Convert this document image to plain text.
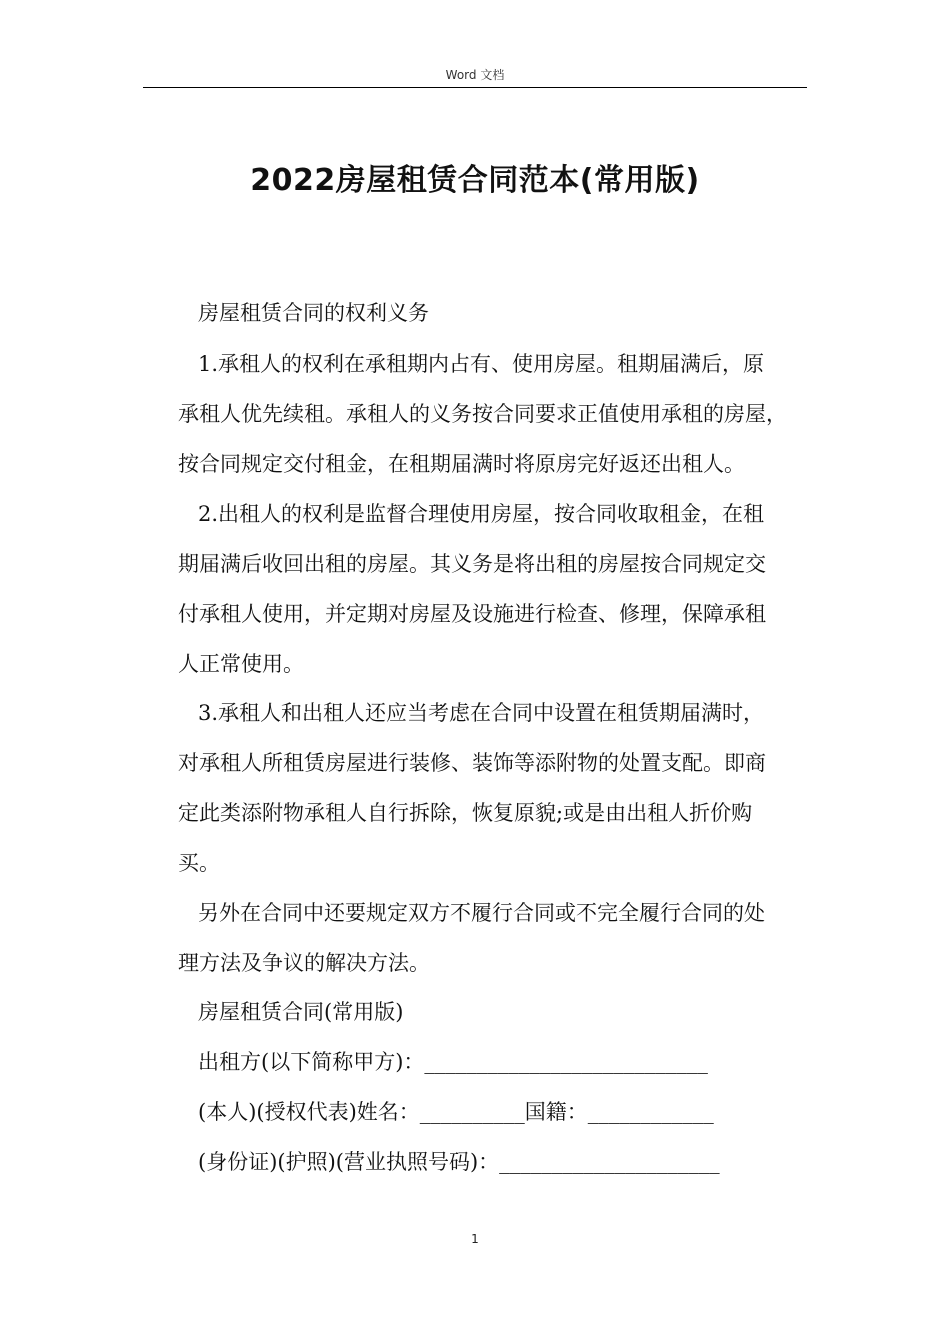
Word 文档
2022房屋租赁合同范本(常用版)
房屋租赁合同的权利义务
1.承租人的权利在承租期内占有、使用房屋。租期届满后，原
承租人优先续租。承租人的义务按合同要求正值使用承租的房屋，
按合同规定交付租金，在租期届满时将原房完好返还出租人。
2.出租人的权利是监督合理使用房屋，按合同收取租金，在租
期届满后收回出租的房屋。其义务是将出租的房屋按合同规定交
付承租人使用，并定期对房屋及设施进行检查、修理，保障承租
人正常使用。
3.承租人和出租人还应当考虑在合同中设置在租赁期届满时，
对承租人所租赁房屋进行装修、装饰等添附物的处置支配。即商
定此类添附物承租人自行拆除，恢复原貌;或是由出租人折价购
买。
另外在合同中还要规定双方不履行合同或不完全履行合同的处
理方法及争议的解决方法。
房屋租赁合同(常用版)
出租方(以下简称甲方)：___________________________
(本人)(授权代表)姓名：__________国籍：____________
(身份证)(护照)(营业执照号码)：_____________________
1
